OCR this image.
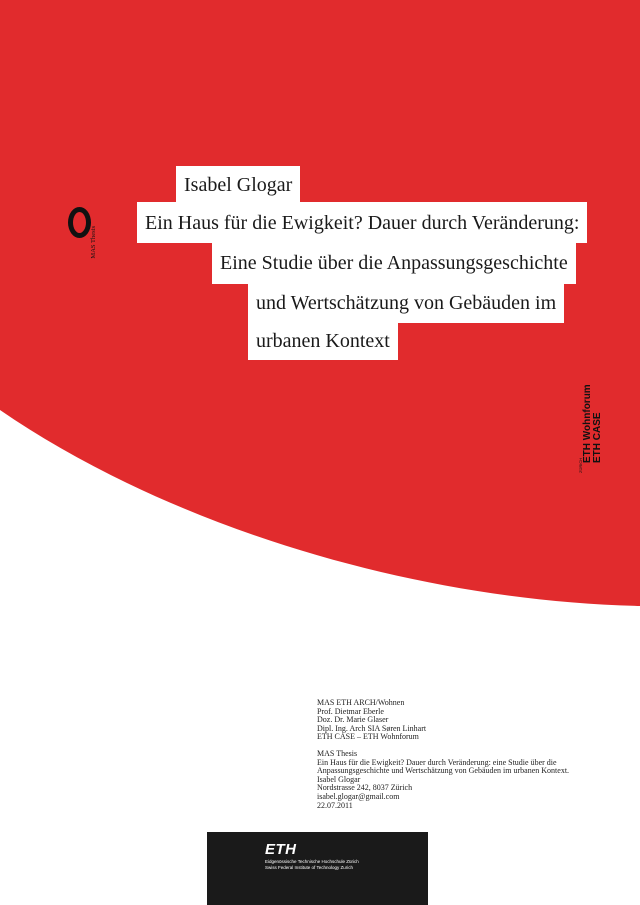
MAS Thesis
Isabel Glogar
Ein Haus für die Ewigkeit? Dauer durch Veränderung:
Eine Studie über die Anpassungsgeschichte
und Wertschätzung von Gebäuden im
urbanen Kontext
ZÜRICH
ETH Wohnforum ETH CASE
MAS ETH ARCH/Wohnen
Prof. Dietmar Eberle
Doz. Dr. Marie Glaser
Dipl. Ing. Arch SIA Søren Linhart
ETH CASE – ETH Wohnforum
MAS Thesis
Ein Haus für die Ewigkeit? Dauer durch Veränderung: eine Studie über die
Anpassungsgeschichte und Wertschätzung von Gebäuden im urbanen Kontext.
Isabel Glogar
Nordstrasse 242, 8037 Zürich
isabel.glogar@gmail.com
22.07.2011
ETH
Eidgenössische Technische Hochschule Zürich
Swiss Federal Institute of Technology Zurich
